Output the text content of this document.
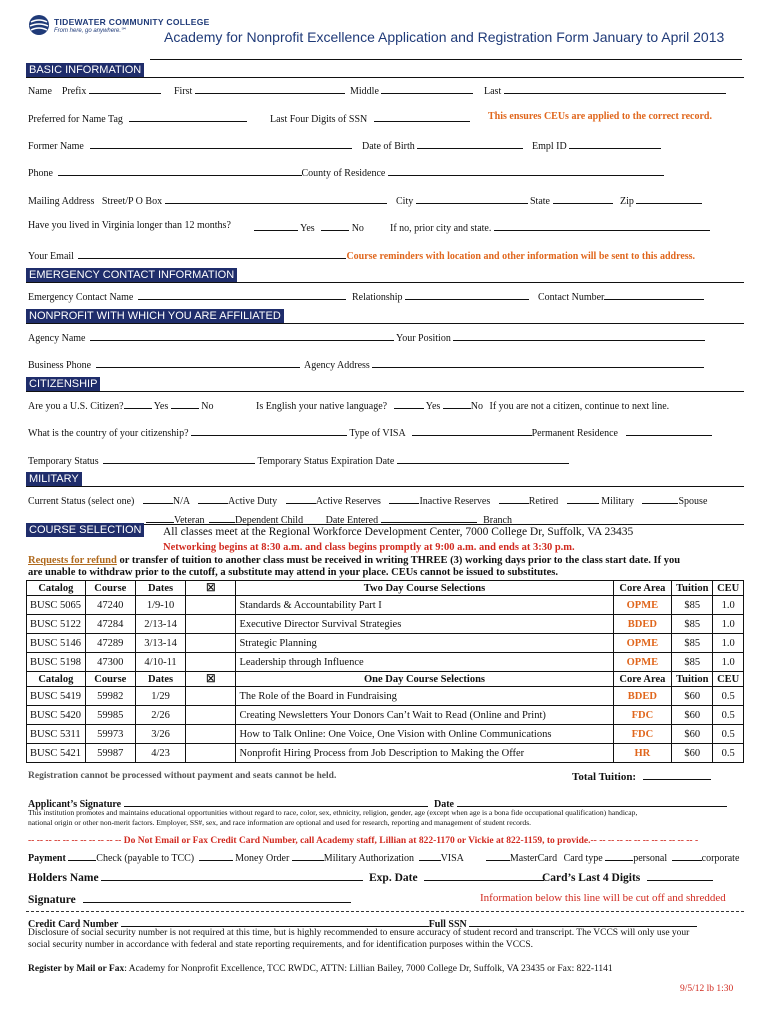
TIDEWATER COMMUNITY COLLEGE
From here, go anywhere.℠	Academy for Nonprofit Excellence Application and Registration Form January to April 2013
BASIC INFORMATION
Name Prefix	First	Middle	Last
Preferred for Name Tag	Last Four Digits of SSN	This ensures CEUs are applied to the correct record.
Former Name	Date of Birth	Empl ID
Phone	County of Residence
Mailing Address Street/P O Box	City	State	Zip
Have you lived in Virginia longer than 12 months?	Yes	No	If no, prior city and state.
Your Email	Course reminders with location and other information will be sent to this address.
EMERGENCY CONTACT INFORMATION
Emergency Contact Name	Relationship	Contact Number
NONPROFIT WITH WHICH YOU ARE AFFILIATED
Agency Name	Your Position
Business Phone	Agency Address
CITIZENSHIP
Are you a U.S. Citizen?	Yes	No	Is English your native language?	Yes	No If you are not a citizen, continue to next line.
What is the country of your citizenship?	Type of VISA	Permanent Residence
Temporary Status	Temporary Status Expiration Date
MILITARY
Current Status (select one)	N/A	Active Duty	Active Reserves	Inactive Reserves	Retired	Military	Spouse
Veteran	Dependent Child Date Entered	Branch
COURSE SELECTION All classes meet at the Regional Workforce Development Center, 7000 College Dr, Suffolk, VA 23435
Networking begins at 8:30 a.m. and class begins promptly at 9:00 a.m. and ends at 3:30 p.m.
Requests for refund or transfer of tuition to another class must be received in writing THREE (3) working days prior to the class start date. If you
are unable to withdraw prior to the cutoff, a substitute may attend in your place. CEUs cannot be issued to substitutes.
Catalog	Course	Dates	☒	Two Day Course Selections	Core Area	Tuition	CEU
BUSC 5065	47240	1/9-10		Standards & Accountability Part I	OPME	$85	1.0
BUSC 5122	47284	2/13-14		Executive Director Survival Strategies	BDED	$85	1.0
BUSC 5146	47289	3/13-14		Strategic Planning	OPME	$85	1.0
BUSC 5198	47300	4/10-11		Leadership through Influence	OPME	$85	1.0
Catalog	Course	Dates	☒	One Day Course Selections	Core Area	Tuition	CEU
BUSC 5419	59982	1/29		The Role of the Board in Fundraising	BDED	$60	0.5
BUSC 5420	59985	2/26		Creating Newsletters Your Donors Can’t Wait to Read (Online and Print)	FDC	$60	0.5
BUSC 5311	59973	3/26		How to Talk Online: One Voice, One Vision with Online Communications	FDC	$60	0.5
BUSC 5421	59987	4/23		Nonprofit Hiring Process from Job Description to Making the Offer	HR	$60	0.5
Registration cannot be processed without payment and seats cannot be held.	Total Tuition:
Applicant’s Signature	Date
This institution promotes and maintains educational opportunities without regard to race, color, sex, ethnicity, religion, gender, age (except when age is a bona fide occupational qualification) handicap,
national origin or other non-merit factors. Employer, SS#, sex, and race information are optional and used for research, reporting and management of student records.
-- -- -- -- -- -- -- -- -- -- -- Do Not Email or Fax Credit Card Number, call Academy staff, Lillian at 822-1170 or Vickie at 822-1159, to provide.-- -- -- -- -- -- -- -- -- -- -- -- -
Payment	Check (payable to TCC)	Money Order	Military Authorization	VISA	MasterCard Card type	personal	corporate
Holders Name	Exp. Date	Card’s Last 4 Digits
Signature	Information below this line will be cut off and shredded
Credit Card Number	Full SSN
Disclosure of social security number is not required at this time, but is highly recommended to ensure accuracy of student record and transcript. The VCCS will only use your
social security number in accordance with federal and state reporting requirements, and for identification purposes within the VCCS.
Register by Mail or Fax: Academy for Nonprofit Excellence, TCC RWDC, ATTN: Lillian Bailey, 7000 College Dr, Suffolk, VA 23435 or Fax: 822-1141
9/5/12 lb 1:30
